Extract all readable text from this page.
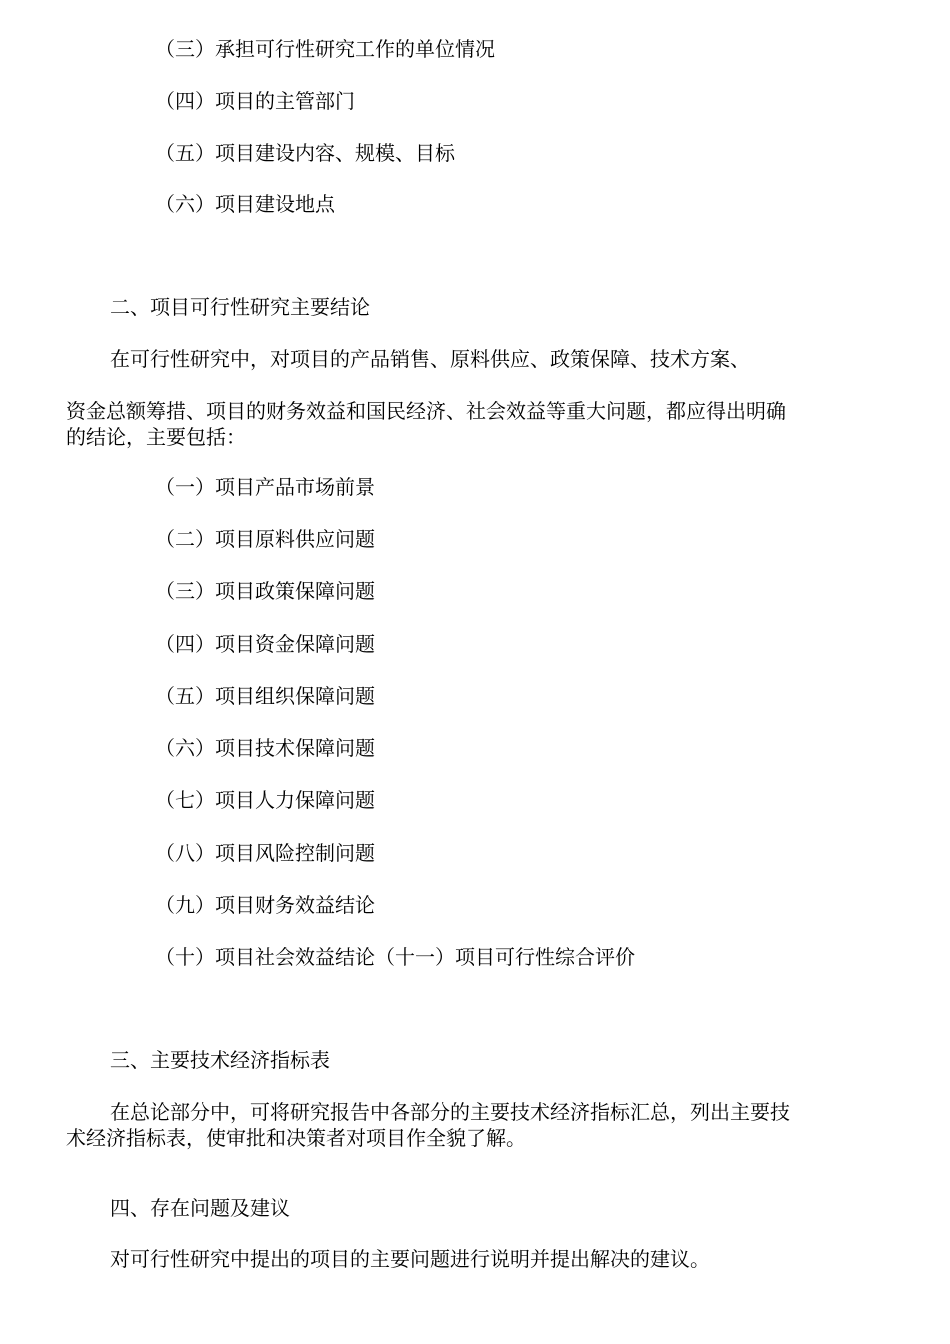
（三）承担可行性研究工作的单位情况
（四）项目的主管部门
（五）项目建设内容、规模、目标
（六）项目建设地点
二、项目可行性研究主要结论
在可行性研究中，对项目的产品销售、原料供应、政策保障、技术方案、
资金总额筹措、项目的财务效益和国民经济、社会效益等重大问题，都应得出明确
的结论，主要包括：
（一）项目产品市场前景
（二）项目原料供应问题
（三）项目政策保障问题
（四）项目资金保障问题
（五）项目组织保障问题
（六）项目技术保障问题
（七）项目人力保障问题
（八）项目风险控制问题
（九）项目财务效益结论
（十）项目社会效益结论（十一）项目可行性综合评价
三、主要技术经济指标表
在总论部分中，可将研究报告中各部分的主要技术经济指标汇总，列出主要技
术经济指标表，使审批和决策者对项目作全貌了解。
四、存在问题及建议
对可行性研究中提出的项目的主要问题进行说明并提出解决的建议。
